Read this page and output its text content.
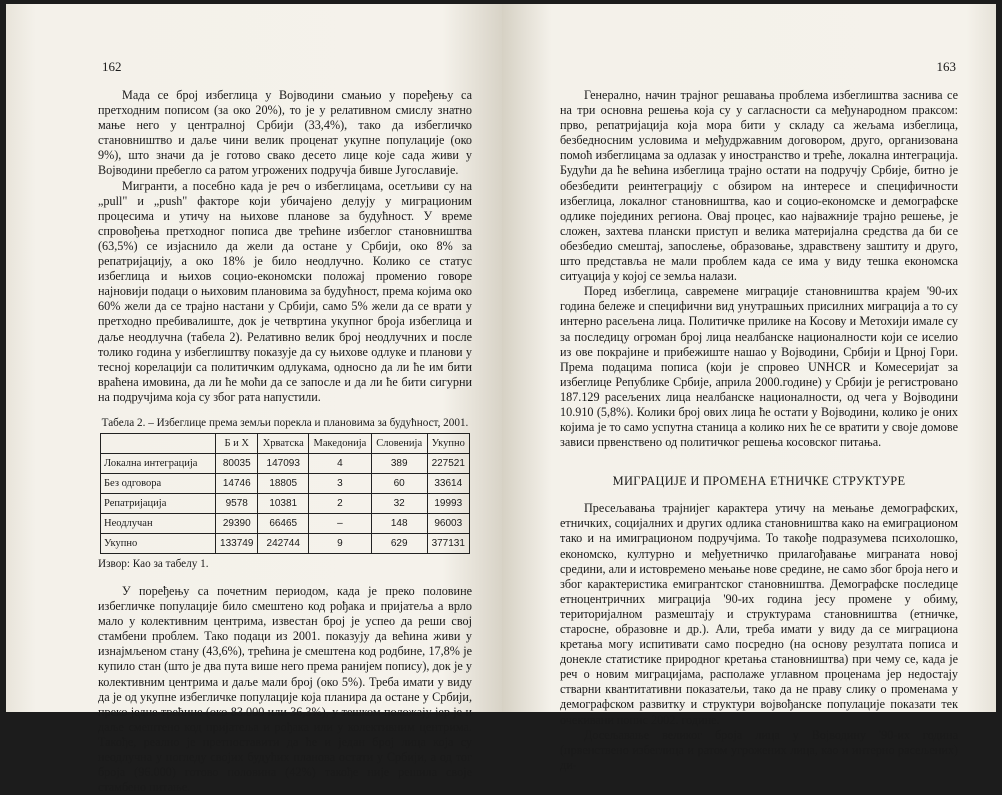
162

Мада се број избеглица у Војводини смањио у поређењу са претходним пописом (за око 20%), то је у релативном смислу знатно мање него у централној Србији (33,4%), тако да избегличко становништво и даље чини велик проценат укупне популације (око 9%), што значи да је готово свако десето лице које сада живи у Војводини пребегло са ратом угрожених подручја бивше Југославије.

Мигранти, а посебно када је реч о избеглицама, осетљиви су на „pull" и „push" факторе који убичајено делују у миграционим процесима и утичу на њихове планове за будућност. У време спровођења претходног пописа две трећине избеглог становништва (63,5%) се изјаснило да жели да остане у Србији, око 8% за репатријацију, а око 18% је било неодлучно. Колико се статус избеглица и њихов социо-економски положај променио говоре најновији подаци о њиховим плановима за будућност, према којима око 60% жели да се трајно настани у Србији, само 5% жели да се врати у претходно пребивалиште, док је четвртина укупног броја избеглица и даље неодлучна (табела 2). Релативно велик број неодлучних и после толико година у избеглиштву показује да су њихове одлуке и планови у тесној корелацији са политичким одлукама, односно да ли ће им бити враћена имовина, да ли ће моћи да се запосле и да ли ће бити сигурни на подручјима која су због рата напустили.

Табела 2. – Избеглице према земљи порекла и плановима за будућност, 2001.
	Б и Х	Хрватска	Македонија	Словенија	Укупно
Локална интеграција	80035	147093	4	389	227521
Без одговора	14746	18805	3	60	33614
Репатријација	9578	10381	2	32	19993
Неодлучан	29390	66465	–	148	96003
Укупно	133749	242744	9	629	377131
Извор: Као за табелу 1.

У поређењу са почетним периодом, када је преко половине избегличке популације било смештено код рођака и пријатеља а врло мало у колективним центрима, известан број је успео да реши свој стамбени проблем. Тако подаци из 2001. показују да већина живи у изнајмљеном стану (43,6%), трећина је смештена код родбине, 17,8% је купило стан (што је два пута више него према ранијем попису), док је у колективним центрима и даље мали број (око 5%). Треба имати у виду да је од укупне избегличке популације која планира да остане у Србији, преко једне трећине (око 83.000 или 36,3%), у тешком положају јер је и даље смештено код пријатеља и рођака или у колективним центрима. Такође, реално је претпоставити да ће и један број лица која су неодлучна у погледу својих будућих планова остати у Србији, а од тог броја (96.000) готово половина (42%) такође није решила своје стамбено питање.

163

Генерално, начин трајног решавања проблема избеглиштва заснива се на три основна решења која су у сагласности са међународном праксом: прво, репатријација која мора бити у складу са жељама избеглица, безбедносним условима и међудржавним договором, друго, организована помоћ избеглицама за одлазак у иностранство и треће, локална интеграција. Будући да ће већина избеглица трајно остати на подручју Србије, битно је обезбедити реинтеграцију с обзиром на интересе и специфичности избеглица, локалног становништва, као и социо-економске и демографске одлике појединих региона. Овај процес, као најважније трајно решење, је сложен, захтева плански приступ и велика материјална средства да би се обезбедио смештај, запослење, образовање, здравствену заштиту и друго, што представља не мали проблем када се има у виду тешка економска ситуација у којој се земља налази.

Поред избеглица, савремене миграције становништва крајем '90-их година бележе и специфични вид унутрашњих присилних миграција а то су интерно расељена лица. Политичке прилике на Косову и Метохији имале су за последицу огроман број лица неалбанске националности који се иселио из ове покрајине и прибежиште нашао у Војводини, Србији и Црној Гори. Према подацима пописа (који је спровео UNHCR и Комесеријат за избеглице Републике Србије, априла 2000.године) у Србији је регистровано 187.129 расељених лица неалбанске националности, од чега у Војводини 10.910 (5,8%). Колики број ових лица ће остати у Војводини, колико је оних којима је то само успутна станица а колико них ће се вратити у своје домове зависи првенствено од политичког решења косовског питања.

МИГРАЦИЈЕ И ПРОМЕНА ЕТНИЧКЕ СТРУКТУРЕ

Пресељавања трајнијег карактера утичу на мењање демографских, етничких, социјалних и других одлика становништва како на емиграционом тако и на имиграционом подручјима. То такође подразумева психолошко, економско, културно и међуетничко прилагођавање миграната новој средини, али и истовремено мењање нове средине, не само због броја него и због карактеристика емигрантског становништва. Демографске последице етноцентричних миграција '90-их година јесу промене у обиму, територијалном размештају и структурама становништва (етничке, старосне, образовне и др.). Али, треба имати у виду да се миграциона кретања могу испитивати само посредно (на основу резултата пописа и донекле статистике природног кретања становништва) при чему се, када је реч о новим миграцијама, располаже углавном проценама јер недостају стварни квантитативни показатељи, тако да не праву слику о променама у демографском развитку и структури војвођанске популације показати тек очекивани попис 2002. године.

Досељавање великог броја лица у Војводину '90-их година (првенствено избеглица и ратом угрожених лица, као и интерно расељених) ди-
